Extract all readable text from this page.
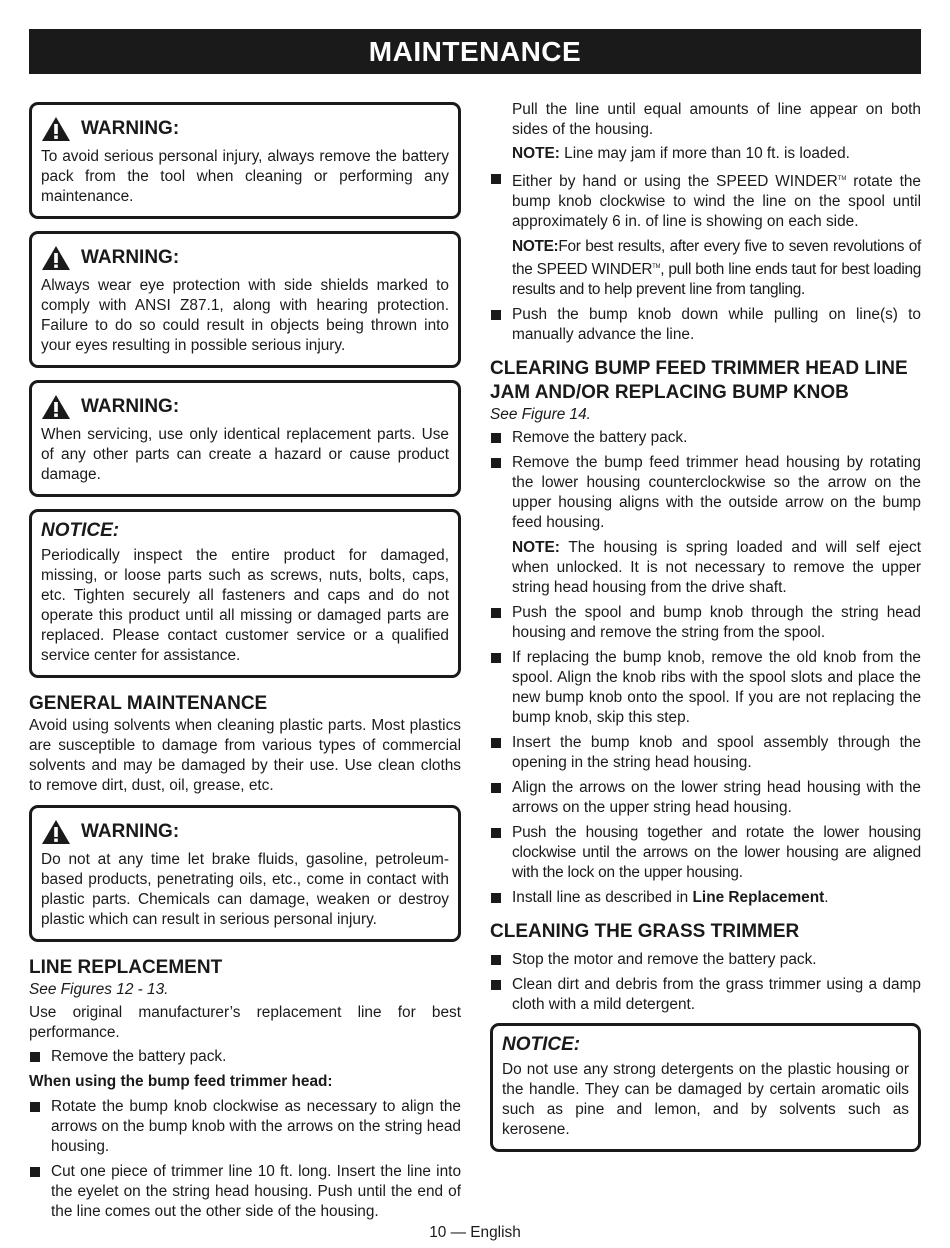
MAINTENANCE
WARNING:
To avoid serious personal injury, always remove the battery pack from the tool when cleaning or performing any maintenance.
WARNING:
Always wear eye protection with side shields marked to comply with ANSI Z87.1, along with hearing protection. Failure to do so could result in objects being thrown into your eyes resulting in possible serious injury.
WARNING:
When servicing, use only identical replacement parts. Use of any other parts can create a hazard or cause product damage.
NOTICE:
Periodically inspect the entire product for damaged, missing, or loose parts such as screws, nuts, bolts, caps, etc. Tighten securely all fasteners and caps and do not operate this product until all missing or damaged parts are replaced. Please contact customer service or a qualified service center for assistance.
GENERAL MAINTENANCE

Avoid using solvents when cleaning plastic parts. Most plastics are susceptible to damage from various types of commercial solvents and may be damaged by their use. Use clean cloths to remove dirt, dust, oil, grease, etc.

WARNING:
Do not at any time let brake fluids, gasoline, petroleum-based products, penetrating oils, etc., come in contact with plastic parts. Chemicals can damage, weaken or destroy plastic which can result in serious personal injury.
LINE REPLACEMENT
See Figures 12 - 13.

Use original manufacturer’s replacement line for best performance.

Remove the battery pack.
When using the bump feed trimmer head:
Rotate the bump knob clockwise as necessary to align the arrows on the bump knob with the arrows on the string head housing.
Cut one piece of trimmer line 10 ft. long. Insert the line into the eyelet on the string head housing. Push until the end of the line comes out the other side of the housing.

Pull the line until equal amounts of line appear on both sides of the housing.

NOTE: Line may jam if more than 10 ft. is loaded.
Either by hand or using the SPEED WINDER™ rotate the bump knob clockwise to wind the line on the spool until approximately 6 in. of line is showing on each side.
NOTE:For best results, after every five to seven revolutions of the SPEED WINDER™, pull both line ends taut for best loading results and to help prevent line from tangling.
Push the bump knob down while pulling on line(s) to manually advance the line.
CLEARING BUMP FEED TRIMMER HEAD LINE JAM AND/OR REPLACING BUMP KNOB
See Figure 14.
Remove the battery pack.
Remove the bump feed trimmer head housing by rotating the lower housing counterclockwise so the arrow on the upper housing aligns with the outside arrow on the bump feed housing.
NOTE: The housing is spring loaded and will self eject when unlocked. It is not necessary to remove the upper string head housing from the drive shaft.
Push the spool and bump knob through the string head housing and remove the string from the spool.
If replacing the bump knob, remove the old knob from the spool. Align the knob ribs with the spool slots and place the new bump knob onto the spool. If you are not replacing the bump knob, skip this step.
Insert the bump knob and spool assembly through the opening in the string head housing.
Align the arrows on the lower string head housing with the arrows on the upper string head housing.
Push the housing together and rotate the lower housing clockwise until the arrows on the lower housing are aligned with the lock on the upper housing.
Install line as described in Line Replacement.
CLEANING THE GRASS TRIMMER
Stop the motor and remove the battery pack.
Clean dirt and debris from the grass trimmer using a damp cloth with a mild detergent.
NOTICE:
Do not use any strong detergents on the plastic housing or the handle. They can be damaged by certain aromatic oils such as pine and lemon, and by solvents such as kerosene.
10 — English
